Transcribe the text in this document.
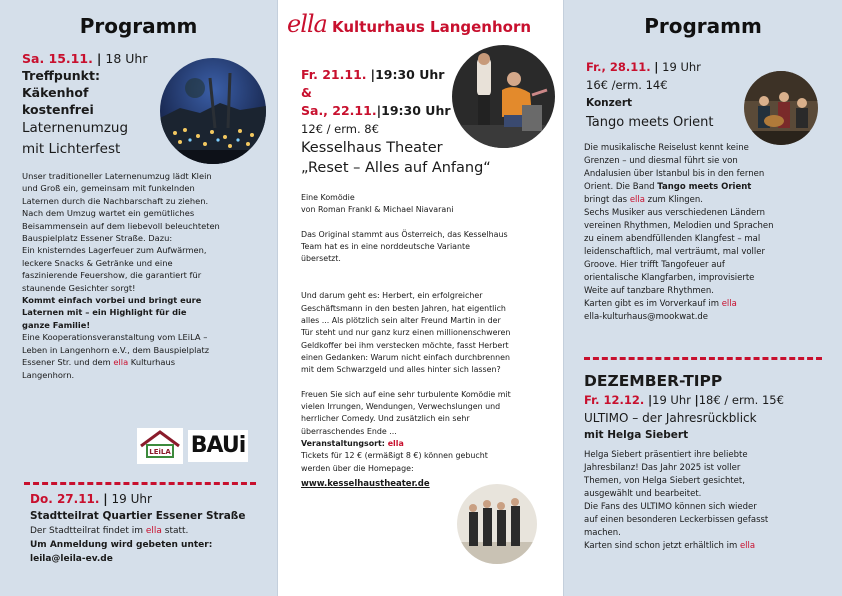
Programm
Sa. 15.11. | 18 Uhr
Treffpunkt: Käkenhof
kostenfrei
Laternenumzug
mit Lichterfest
Unser traditioneller Laternenumzug lädt Klein
und Groß ein, gemeinsam mit funkelnden
Laternen durch die Nachbarschaft zu ziehen.
Nach dem Umzug wartet ein gemütliches
Beisammensein auf dem liebevoll beleuchteten
Bauspielplatz Essener Straße. Dazu:
Ein knisterndes Lagerfeuer zum Aufwärmen,
leckere Snacks & Getränke und eine
faszinierende Feuershow, die garantiert für
staunende Gesichter sorgt!
Kommt einfach vorbei und bringt eure
Laternen mit – ein Highlight für die
ganze Familie!
Eine Kooperationsveranstaltung vom LEiLA –
Leben in Langenhorn e.V., dem Bauspielplatz
Essener Str. und dem ella Kulturhaus
Langenhorn.
LEiLA BAUi
Do. 27.11. | 19 Uhr
Stadtteilrat Quartier Essener Straße
Der Stadtteilrat findet im ella statt.
Um Anmeldung wird gebeten unter:
leila@leila-ev.de
ella Kulturhaus Langenhorn
Fr. 21.11. |19:30 Uhr
&
Sa., 22.11.|19:30 Uhr
12€ / erm. 8€
Kesselhaus Theater
„Reset – Alles auf Anfang“
Eine Komödie
von Roman Frankl & Michael Niavarani
Das Original stammt aus Österreich, das Kesselhaus
Team hat es in eine norddeutsche Variante
übersetzt.
Und darum geht es: Herbert, ein erfolgreicher
Geschäftsmann in den besten Jahren, hat eigentlich
alles ... Als plötzlich sein alter Freund Martin in der
Tür steht und nur ganz kurz einen millionenschweren
Geldkoffer bei ihm verstecken möchte, fasst Herbert
einen Gedanken: Warum nicht einfach durchbrennen
mit dem Schwarzgeld und alles hinter sich lassen?
Freuen Sie sich auf eine sehr turbulente Komödie mit
vielen Irrungen, Wendungen, Verwechslungen und
herrlicher Comedy. Und zusätzlich ein sehr
überraschendes Ende ...
Veranstaltungsort: ella
Tickets für 12 € (ermäßigt 8 €) können gebucht
werden über die Homepage:
www.kesselhaustheater.de
Programm
Fr., 28.11. | 19 Uhr
16€ /erm. 14€
Konzert
Tango meets Orient
Die musikalische Reiselust kennt keine
Grenzen – und diesmal führt sie von
Andalusien über Istanbul bis in den fernen
Orient. Die Band Tango meets Orient
bringt das ella zum Klingen.
Sechs Musiker aus verschiedenen Ländern
vereinen Rhythmen, Melodien und Sprachen
zu einem abendfüllenden Klangfest – mal
leidenschaftlich, mal verträumt, mal voller
Groove. Hier trifft Tangofeuer auf
orientalische Klangfarben, improvisierte
Weite auf tanzbare Rhythmen.
Karten gibt es im Vorverkauf im ella
ella-kulturhaus@mookwat.de
DEZEMBER-TIPP
Fr. 12.12. |19 Uhr |18€ / erm. 15€
ULTIMO – der Jahresrückblick
mit Helga Siebert
Helga Siebert präsentiert ihre beliebte
Jahresbilanz! Das Jahr 2025 ist voller
Themen, von Helga Siebert gesichtet,
ausgewählt und bearbeitet.
Die Fans des ULTIMO können sich wieder
auf einen besonderen Leckerbissen gefasst
machen.
Karten sind schon jetzt erhältlich im ella
